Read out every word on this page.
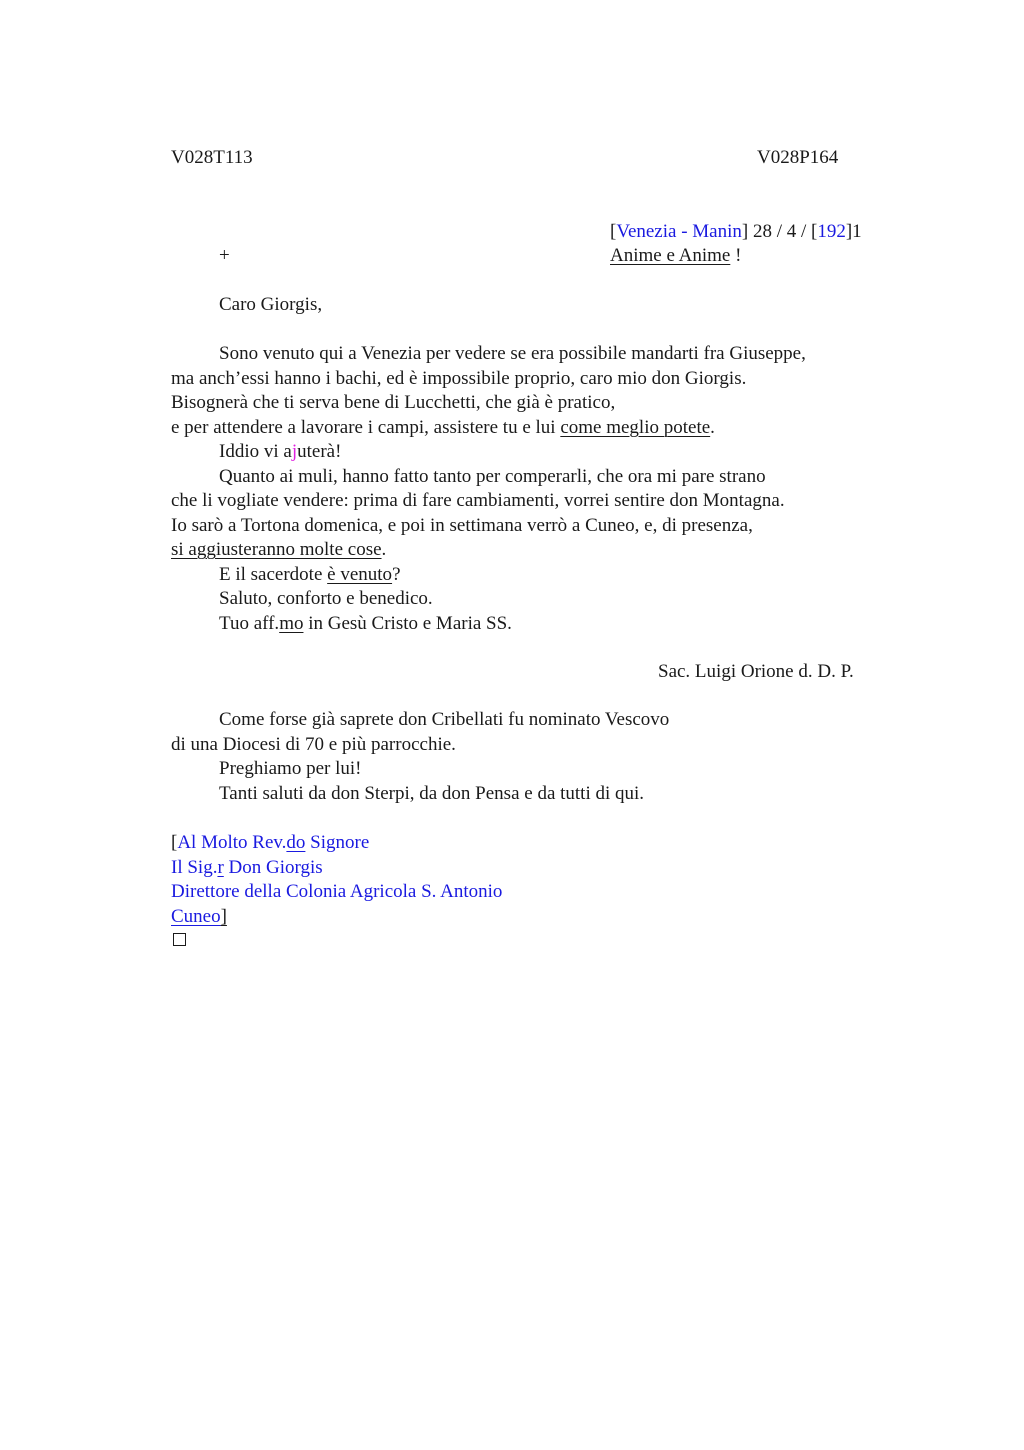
V028T113	V028P164
[Venezia - Manin] 28 / 4 / [192]1
+	Anime e Anime !
Caro Giorgis,
Sono venuto qui a Venezia per vedere se era possibile mandarti fra Giuseppe,
ma anch’essi hanno i bachi, ed è impossibile proprio, caro mio don Giorgis.
Bisognerà che ti serva bene di Lucchetti, che già è pratico,
e per attendere a lavorare i campi, assistere tu e lui come meglio potete.
Iddio vi ajuterà!
Quanto ai muli, hanno fatto tanto per comperarli, che ora mi pare strano
che li vogliate vendere: prima di fare cambiamenti, vorrei sentire don Montagna.
Io sarò a Tortona domenica, e poi in settimana verrò a Cuneo, e, di presenza,
si aggiusteranno molte cose.
E il sacerdote è venuto?
Saluto, conforto e benedico.
Tuo aff.mo in Gesù Cristo e Maria SS.
Sac. Luigi Orione d. D. P.
Come forse già saprete don Cribellati fu nominato Vescovo
di una Diocesi di 70 e più parrocchie.
Preghiamo per lui!
Tanti saluti da don Sterpi, da don Pensa e da tutti di qui.
[Al Molto Rev.do Signore
Il Sig.r Don Giorgis
Direttore della Colonia Agricola S. Antonio
Cuneo]
